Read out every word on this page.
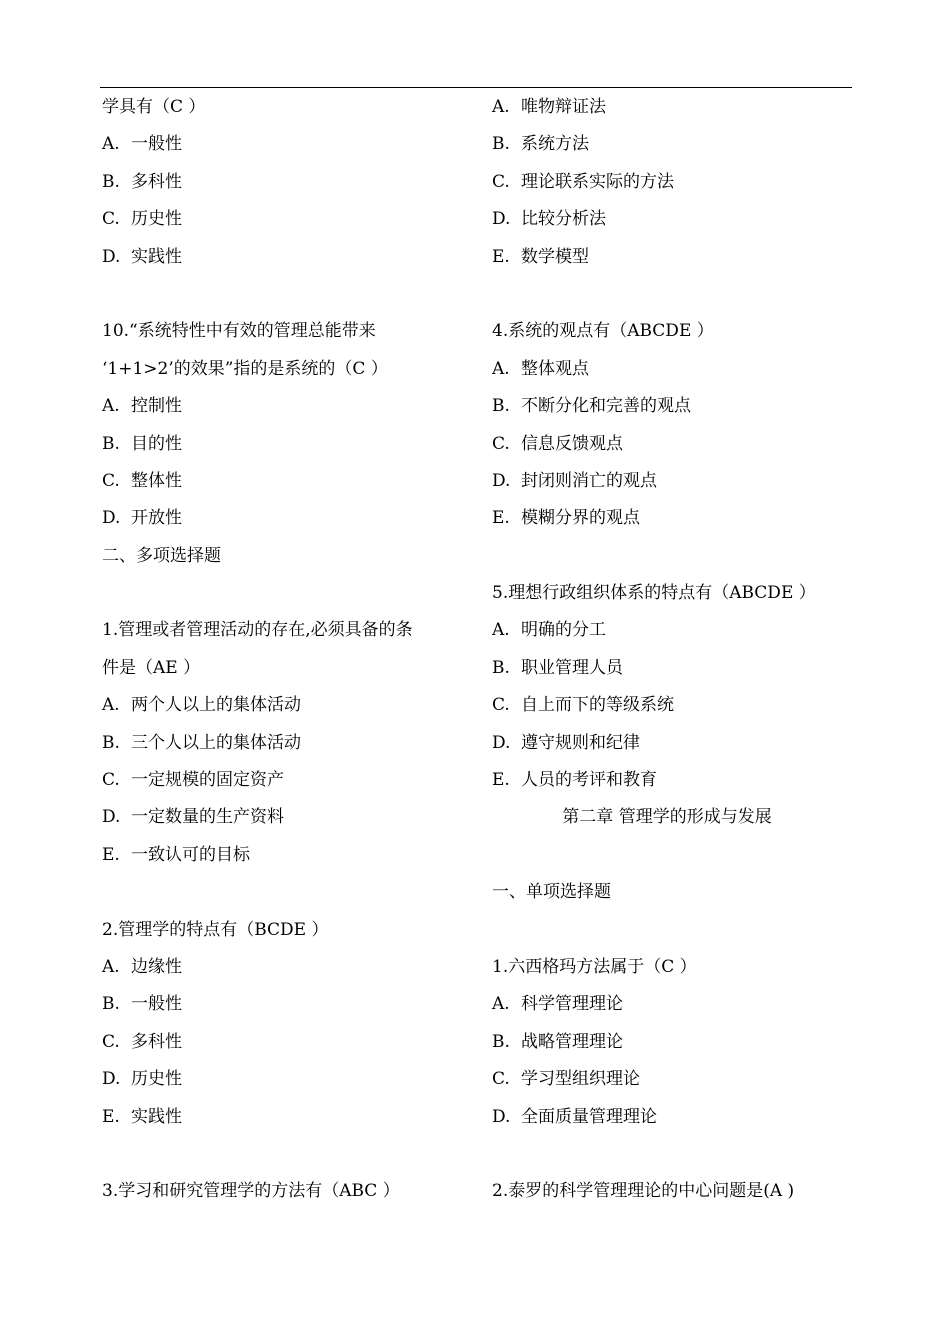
学具有（C ）
A. 一般性
B. 多科性
C. 历史性
D. 实践性
10.“系统特性中有效的管理总能带来
‘1+1>2’的效果”指的是系统的（C ）
A. 控制性
B. 目的性
C. 整体性
D. 开放性
二、多项选择题
1.管理或者管理活动的存在,必须具备的条
件是（AE ）
A. 两个人以上的集体活动
B. 三个人以上的集体活动
C. 一定规模的固定资产
D. 一定数量的生产资料
E. 一致认可的目标
2.管理学的特点有（BCDE ）
A. 边缘性
B. 一般性
C. 多科性
D. 历史性
E. 实践性
3.学习和研究管理学的方法有（ABC ）
A. 唯物辩证法
B. 系统方法
C. 理论联系实际的方法
D. 比较分析法
E. 数学模型
4.系统的观点有（ABCDE ）
A. 整体观点
B. 不断分化和完善的观点
C. 信息反馈观点
D. 封闭则消亡的观点
E. 模糊分界的观点
5.理想行政组织体系的特点有（ABCDE ）
A. 明确的分工
B. 职业管理人员
C. 自上而下的等级系统
D. 遵守规则和纪律
E. 人员的考评和教育
第二章 管理学的形成与发展
一、单项选择题
1.六西格玛方法属于（C ）
A. 科学管理理论
B. 战略管理理论
C. 学习型组织理论
D. 全面质量管理理论
2.泰罗的科学管理理论的中心问题是(A )
